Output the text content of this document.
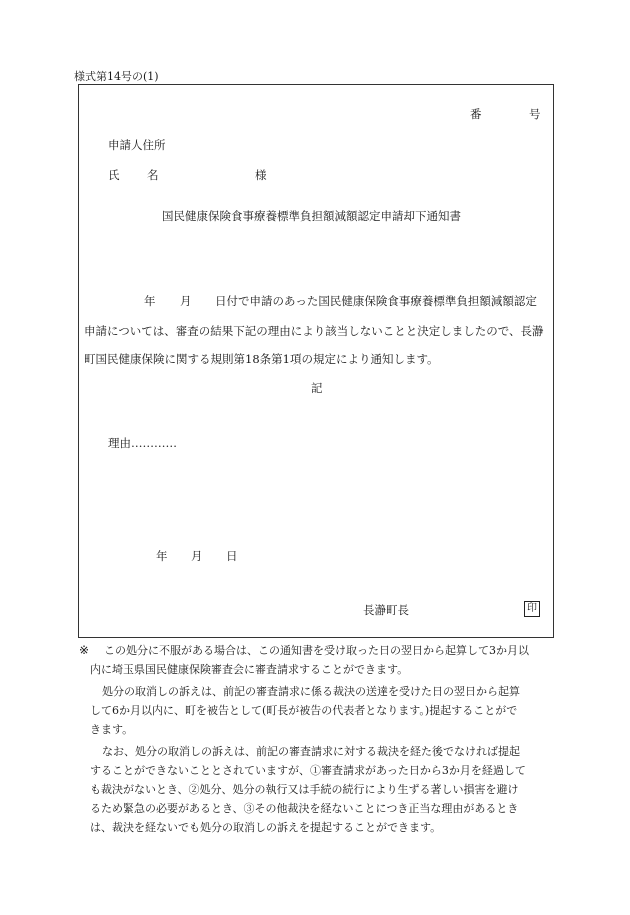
様式第14号の(1)
番	号
申請人住所
氏 名	様
国民健康保険食事療養標準負担額減額認定申請却下通知書
年 月 日付で申請のあった国民健康保険食事療養標準負担額減額認定
申請については、審査の結果下記の理由により該当しないことと決定しましたので、長瀞
町国民健康保険に関する規則第18条第1項の規定により通知します。
記
理由…………
年 月 日
長瀞町長	印
※ この処分に不服がある場合は、この通知書を受け取った日の翌日から起算して3か月以
内に埼玉県国民健康保険審査会に審査請求することができます。
処分の取消しの訴えは、前記の審査請求に係る裁決の送達を受けた日の翌日から起算
して6か月以内に、町を被告として(町長が被告の代表者となります。)提起することがで
きます。
なお、処分の取消しの訴えは、前記の審査請求に対する裁決を経た後でなければ提起
することができないこととされていますが、①審査請求があった日から3か月を経過して
も裁決がないとき、②処分、処分の執行又は手続の続行により生ずる著しい損害を避け
るため緊急の必要があるとき、③その他裁決を経ないことにつき正当な理由があるとき
は、裁決を経ないでも処分の取消しの訴えを提起することができます。
